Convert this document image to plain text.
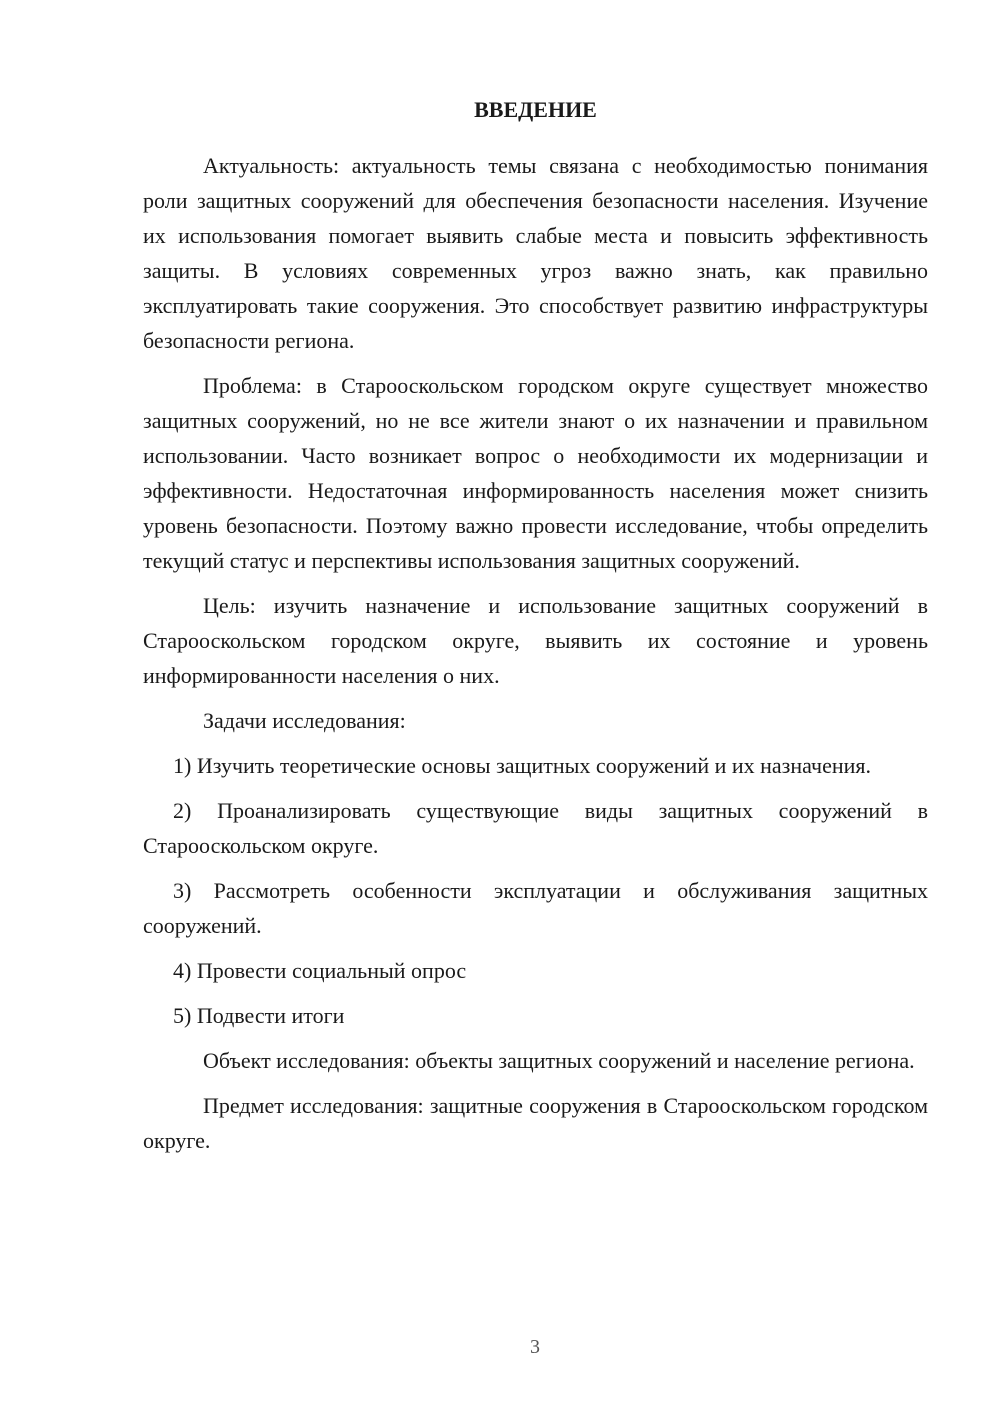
ВВЕДЕНИЕ

Актуальность: актуальность темы связана с необходимостью понимания роли защитных сооружений для обеспечения безопасности населения. Изучение их использования помогает выявить слабые места и повысить эффективность защиты. В условиях современных угроз важно знать, как правильно эксплуатировать такие сооружения. Это способствует развитию инфраструктуры безопасности региона.

Проблема: в Старооскольском городском округе существует множество защитных сооружений, но не все жители знают о их назначении и правильном использовании. Часто возникает вопрос о необходимости их модернизации и эффективности. Недостаточная информированность населения может снизить уровень безопасности. Поэтому важно провести исследование, чтобы определить текущий статус и перспективы использования защитных сооружений.

Цель: изучить назначение и использование защитных сооружений в Старооскольском городском округе, выявить их состояние и уровень информированности населения о них.

Задачи исследования:

1) Изучить теоретические основы защитных сооружений и их назначения.

2) Проанализировать существующие виды защитных сооружений в Старооскольском округе.

3) Рассмотреть особенности эксплуатации и обслуживания защитных сооружений.

4) Провести социальный опрос

5) Подвести итоги

Объект исследования: объекты защитных сооружений и население региона.

Предмет исследования: защитные сооружения в Старооскольском городском округе.

3
